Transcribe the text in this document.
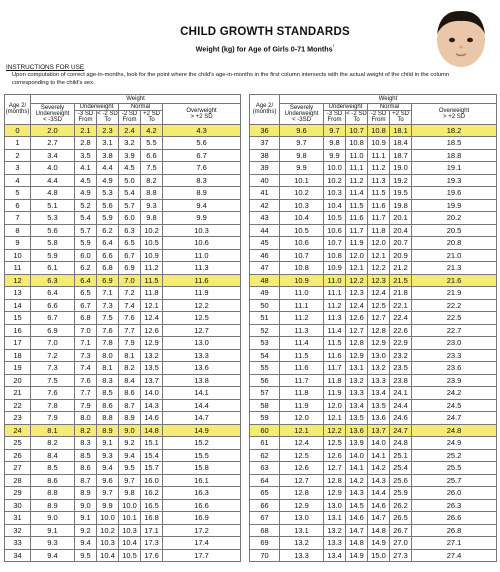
CHILD GROWTH STANDARDS
Weight (kg) for Age of Girls 0-71 Months$^{^1}$
INSTRUCTIONS FOR USE
Upon computation of correct age-in-months, look for the point where the child's age-in-months in the first column intersects with the actual weight of the child in the column corresponding to the child's sex.
Age 2/ (months)	Weight					
	Severely Underweight
< -3SD	Underweight		Normal		Overweight
> +2 SD
		-3 SD
From	< -2 SD
To	-2 SD
From	+2 SD
To	
0	2.0	2.1	2.3	2.4	4.2	4.3
1	2.7	2.8	3.1	3.2	5.5	5.6
2	3.4	3.5	3.8	3.9	6.6	6.7
3	4.0	4.1	4.4	4.5	7.5	7.6
4	4.4	4.5	4.9	5.0	8.2	8.3
5	4.8	4.9	5.3	5.4	8.8	8.9
6	5.1	5.2	5.6	5.7	9.3	9.4
7	5.3	5.4	5.9	6.0	9.8	9.9
8	5.6	5.7	6.2	6.3	10.2	10.3
9	5.8	5.9	6.4	6.5	10.5	10.6
10	5.9	6.0	6.6	6.7	10.9	11.0
11	6.1	6.2	6.8	6.9	11.2	11.3
12	6.3	6.4	6.9	7.0	11.5	11.6
13	6.4	6.5	7.1	7.2	11.8	11.9
14	6.6	6.7	7.3	7.4	12.1	12.2
15	6.7	6.8	7.5	7.6	12.4	12.5
16	6.9	7.0	7.6	7.7	12.6	12.7
17	7.0	7.1	7.8	7.9	12.9	13.0
18	7.2	7.3	8.0	8.1	13.2	13.3
19	7.3	7.4	8.1	8.2	13.5	13.6
20	7.5	7.6	8.3	8.4	13.7	13.8
21	7.6	7.7	8.5	8.6	14.0	14.1
22	7.8	7.9	8.6	8.7	14.3	14.4
23	7.9	8.0	8.8	8.9	14.6	14.7
24	8.1	8.2	8.9	9.0	14.8	14.9
25	8.2	8.3	9.1	9.2	15.1	15.2
26	8.4	8.5	9.3	9.4	15.4	15.5
27	8.5	8.6	9.4	9.5	15.7	15.8
28	8.6	8.7	9.6	9.7	16.0	16.1
29	8.8	8.9	9.7	9.8	16.2	16.3
30	8.9	9.0	9.9	10.0	16.5	16.6
31	9.0	9.1	10.0	10.1	16.8	16.9
32	9.1	9.2	10.2	10.3	17.1	17.2
33	9.3	9.4	10.3	10.4	17.3	17.4
34	9.4	9.5	10.4	10.5	17.6	17.7
Age 2/ (months)	Weight					
	Severely Underweight
< -3SD	Underweight		Normal		Overweight
> +2 SD
		-3 SD
From	< -2 SD
To	-2 SD
From	+2 SD
To	
36	9.6	9.7	10.7	10.8	18.1	18.2
37	9.7	9.8	10.8	10.9	18.4	18.5
38	9.8	9.9	11.0	11.1	18.7	18.8
39	9.9	10.0	11.1	11.2	19.0	19.1
40	10.1	10.2	11.2	11.3	19.2	19.3
41	10.2	10.3	11.4	11.5	19.5	19.6
42	10.3	10.4	11.5	11.6	19.8	19.9
43	10.4	10.5	11.6	11.7	20.1	20.2
44	10.5	10.6	11.7	11.8	20.4	20.5
45	10.6	10.7	11.9	12.0	20.7	20.8
46	10.7	10.8	12.0	12.1	20.9	21.0
47	10.8	10.9	12.1	12.2	21.2	21.3
48	10.9	11.0	12.2	12.3	21.5	21.6
49	11.0	11.1	12.3	12.4	21.8	21.9
50	11.1	11.2	12.4	12.5	22.1	22.2
51	11.2	11.3	12.6	12.7	22.4	22.5
52	11.3	11.4	12.7	12.8	22.6	22.7
53	11.4	11.5	12.8	12.9	22.9	23.0
54	11.5	11.6	12.9	13.0	23.2	23.3
55	11.6	11.7	13.1	13.2	23.5	23.6
56	11.7	11.8	13.2	13.3	23.8	23.9
57	11.8	11.9	13.3	13.4	24.1	24.2
58	11.9	12.0	13.4	13.5	24.4	24.5
59	12.0	12.1	13.5	13.6	24.6	24.7
60	12.1	12.2	13.6	13.7	24.7	24.8
61	12.4	12.5	13.9	14.0	24.8	24.9
62	12.5	12.6	14.0	14.1	25.1	25.2
63	12.6	12.7	14.1	14.2	25.4	25.5
64	12.7	12.8	14.2	14.3	25.6	25.7
65	12.8	12.9	14.3	14.4	25.9	26.0
66	12.9	13.0	14.5	14.6	26.2	26.3
67	13.0	13.1	14.6	14.7	26.5	26.6
68	13.1	13.2	14.7	14.8	26.7	26.8
69	13.2	13.3	14.8	14.9	27.0	27.1
70	13.3	13.4	14.9	15.0	27.3	27.4
